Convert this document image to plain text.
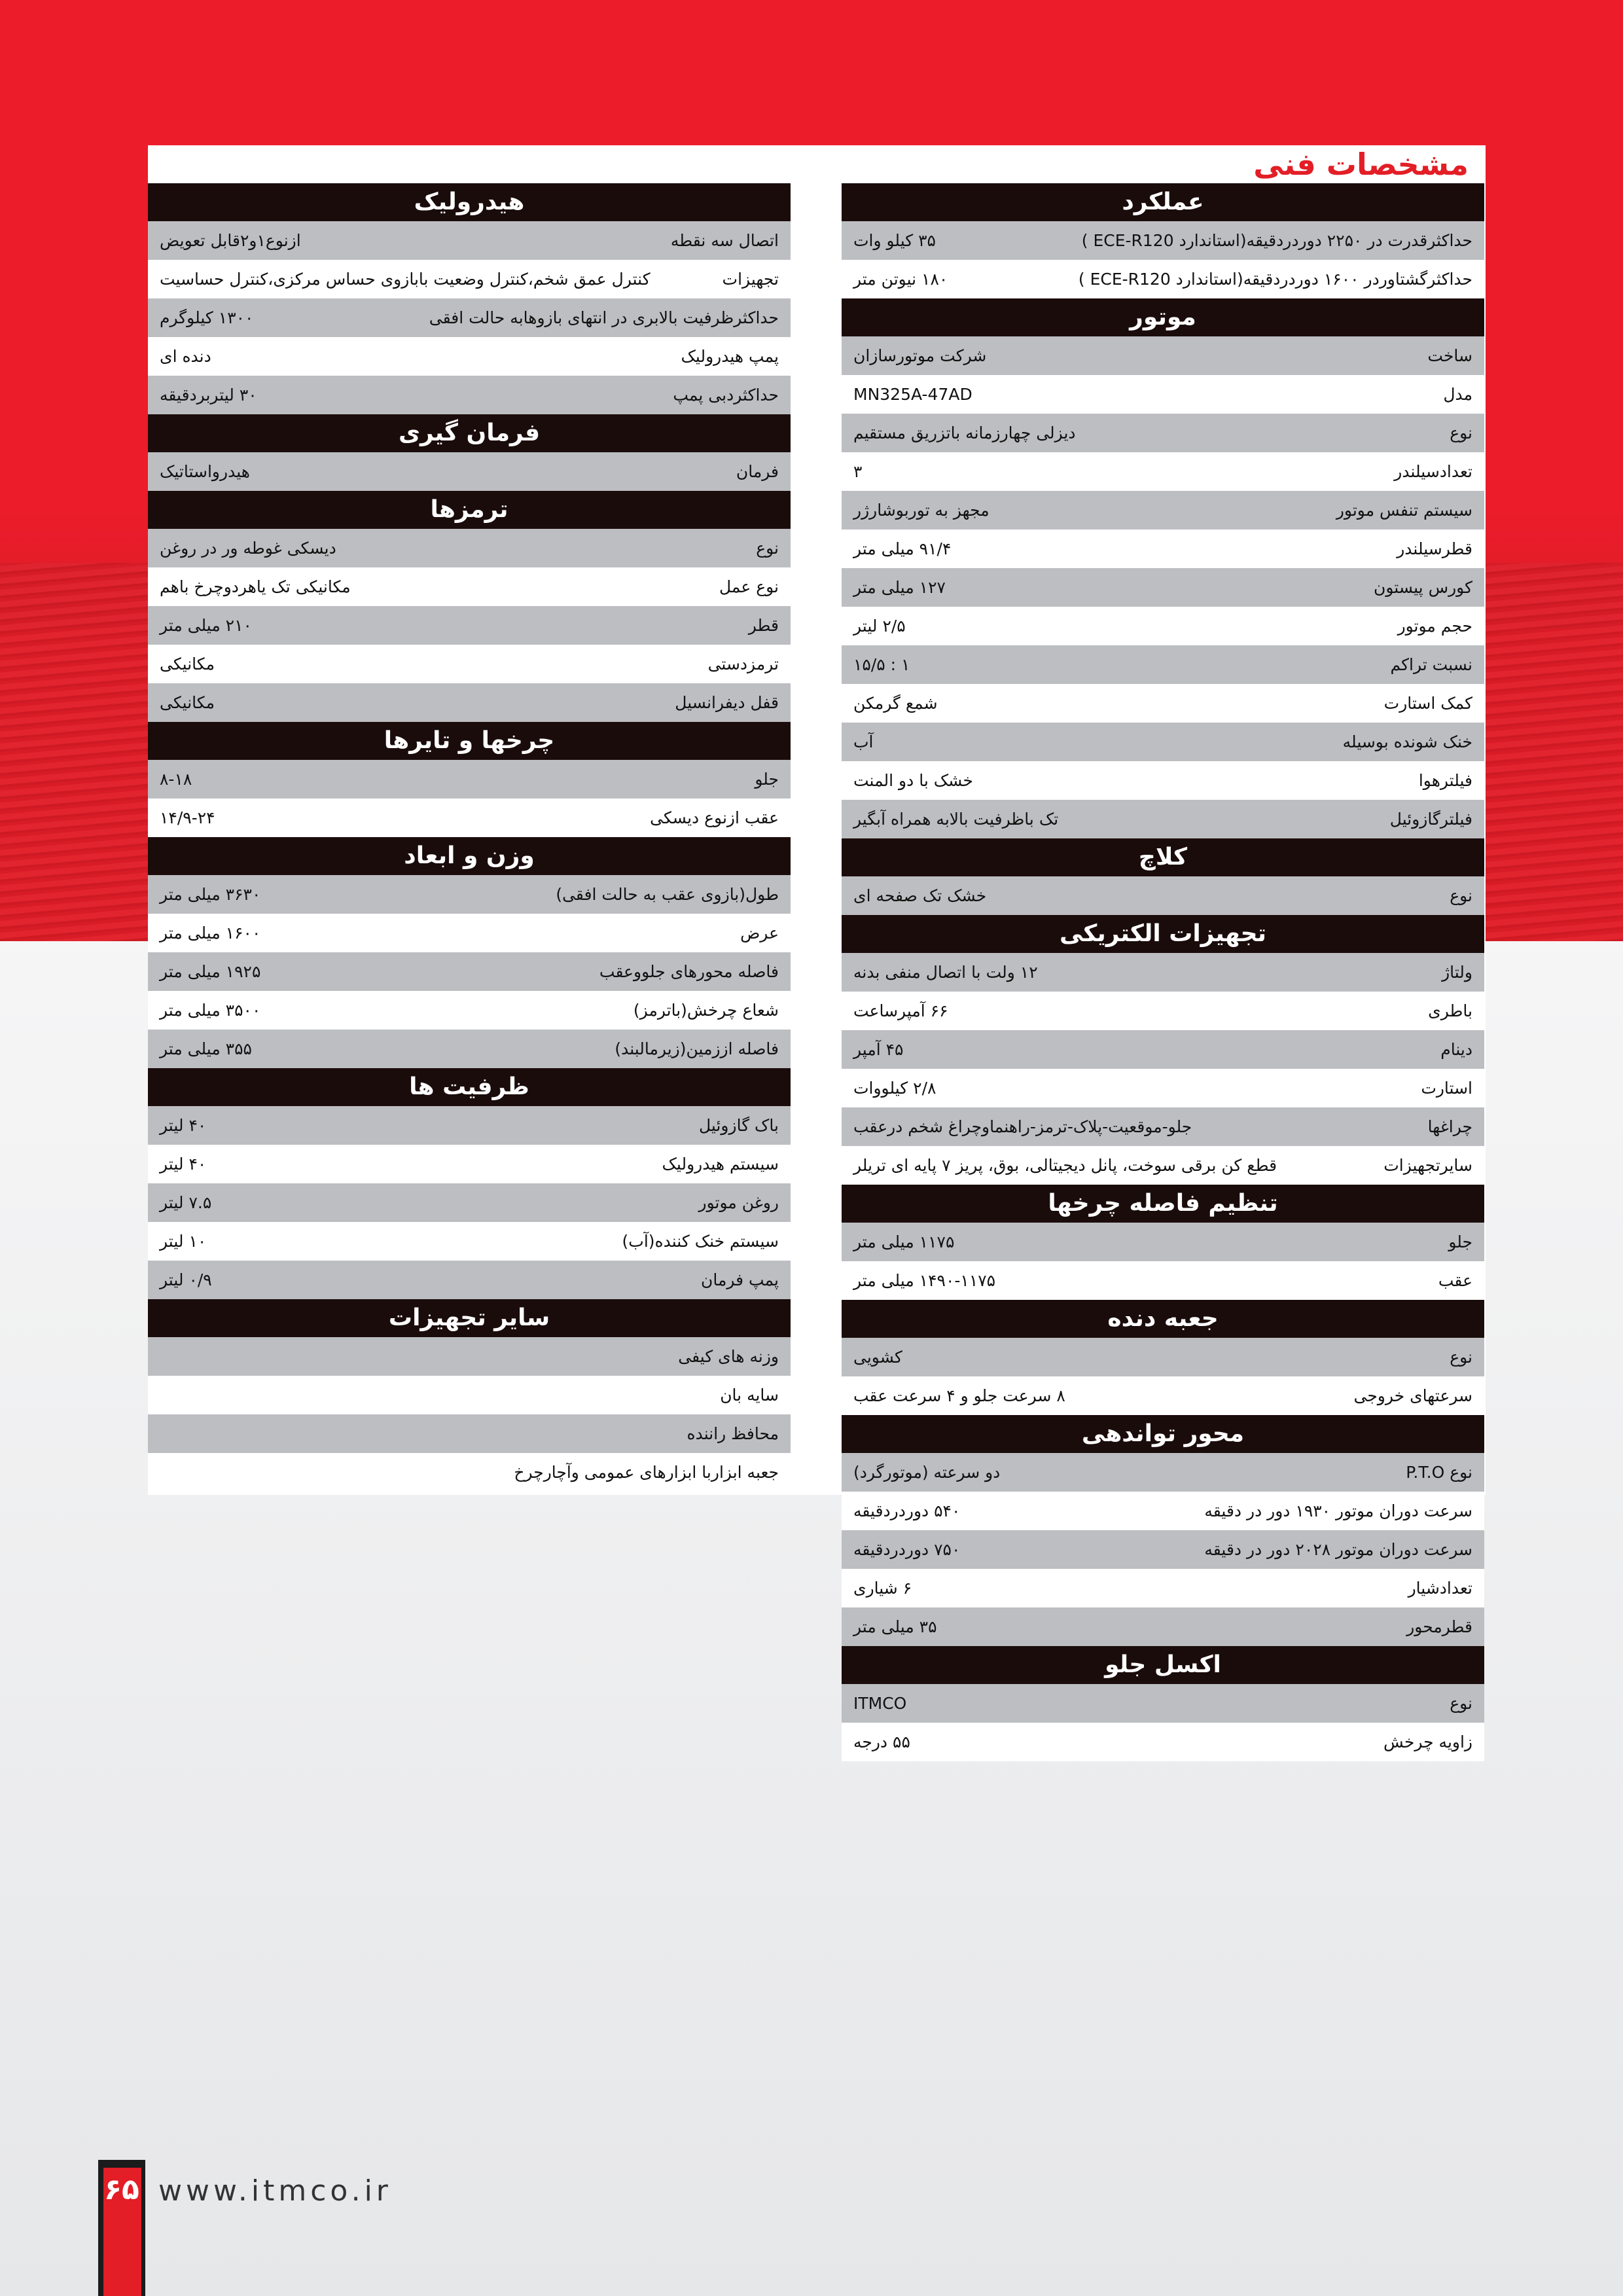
مشخصات فنی
عملکرد
حداکثرقدرت در ۲۲۵۰ دوردردقیقه(استاندارد ECE-R120 )
۳۵ کیلو وات
حداکثرگشتاوردر ۱۶۰۰ دوردردقیقه(استاندارد ECE-R120 )
۱۸۰ نیوتن متر
موتور
ساخت
شرکت موتورسازان
مدل
MN325A-47AD
نوع
دیزلی چهارزمانه باتزریق مستقیم
تعدادسیلندر
۳
سیستم تنفس موتور
مجهز به توربوشارژر
قطرسیلندر
۹۱/۴ میلی متر
کورس پیستون
۱۲۷ میلی متر
حجم موتور
۲/۵ لیتر
نسبت تراکم
۱ : ۱۵/۵
کمک استارت
شمع گرمکن
خنک شونده بوسیله
آب
فیلترهوا
خشک با دو المنت
فیلترگازوئیل
تک باظرفیت بالابه همراه آبگیر
کلاچ
نوع
خشک تک صفحه ای
تجهیزات الکتریکی
ولتاژ
۱۲ ولت با اتصال منفی بدنه
باطری
۶۶ آمپرساعت
دینام
۴۵ آمپر
استارت
۲/۸ کیلووات
چراغها
جلو-موقعیت-پلاک-ترمز-راهنماوچراغ شخم درعقب
سایرتجهیزات
قطع کن برقی سوخت، پانل دیجیتالی، بوق، پریز ۷ پایه ای تریلر
تنظیم فاصله چرخها
جلو
۱۱۷۵ میلی متر
عقب
۱۴۹۰-۱۱۷۵ میلی متر
جعبه دنده
نوع
کشویی
سرعتهای خروجی
۸ سرعت جلو و ۴ سرعت عقب
محور تواندهی
نوع P.T.O
دو سرعته (موتورگرد)
سرعت دوران موتور ۱۹۳۰ دور در دقیقه
۵۴۰ دوردردقیقه
سرعت دوران موتور ۲۰۲۸ دور در دقیقه
۷۵۰ دوردردقیقه
تعدادشیار
۶ شیاری
قطرمحور
۳۵ میلی متر
اکسل جلو
نوع
ITMCO
زاویه چرخش
۵۵ درجه
هیدرولیک
اتصال سه نقطه
ازنوع۱و۲قابل تعویض
تجهیزات
کنترل عمق شخم،کنترل وضعیت بابازوی حساس مرکزی،کنترل حساسیت
حداکثرظرفیت بالابری در انتهای بازوهابه حالت افقی
۱۳۰۰ کیلوگرم
پمپ هیدرولیک
دنده ای
حداکثردبی پمپ
۳۰ لیتربردقیقه
فرمان گیری
فرمان
هیدرواستاتیک
ترمزها
نوع
دیسکی غوطه ور در روغن
نوع عمل
مکانیکی تک یاهردوچرخ باهم
قطر
۲۱۰ میلی متر
ترمزدستی
مکانیکی
قفل دیفرانسیل
مکانیکی
چرخها و تایرها
جلو
۸-۱۸
عقب ازنوع دیسکی
۱۴/۹-۲۴
وزن و ابعاد
طول(بازوی عقب به حالت افقی)
۳۶۳۰ میلی متر
عرض
۱۶۰۰ میلی متر
فاصله محورهای جلووعقب
۱۹۲۵ میلی متر
شعاع چرخش(باترمز)
۳۵۰۰ میلی متر
فاصله اززمین(زیرمالبند)
۳۵۵ میلی متر
ظرفیت ها
باک گازوئیل
۴۰ لیتر
سیستم هیدرولیک
۴۰ لیتر
روغن موتور
۷.۵ لیتر
سیستم خنک کننده(آب)
۱۰ لیتر
پمپ فرمان
۰/۹ لیتر
سایر تجهیزات
وزنه های کیفی
سایه بان
محافظ راننده
جعبه ابزاربا ابزارهای عمومی وآچارچرخ
۶۵ www.itmco.ir
